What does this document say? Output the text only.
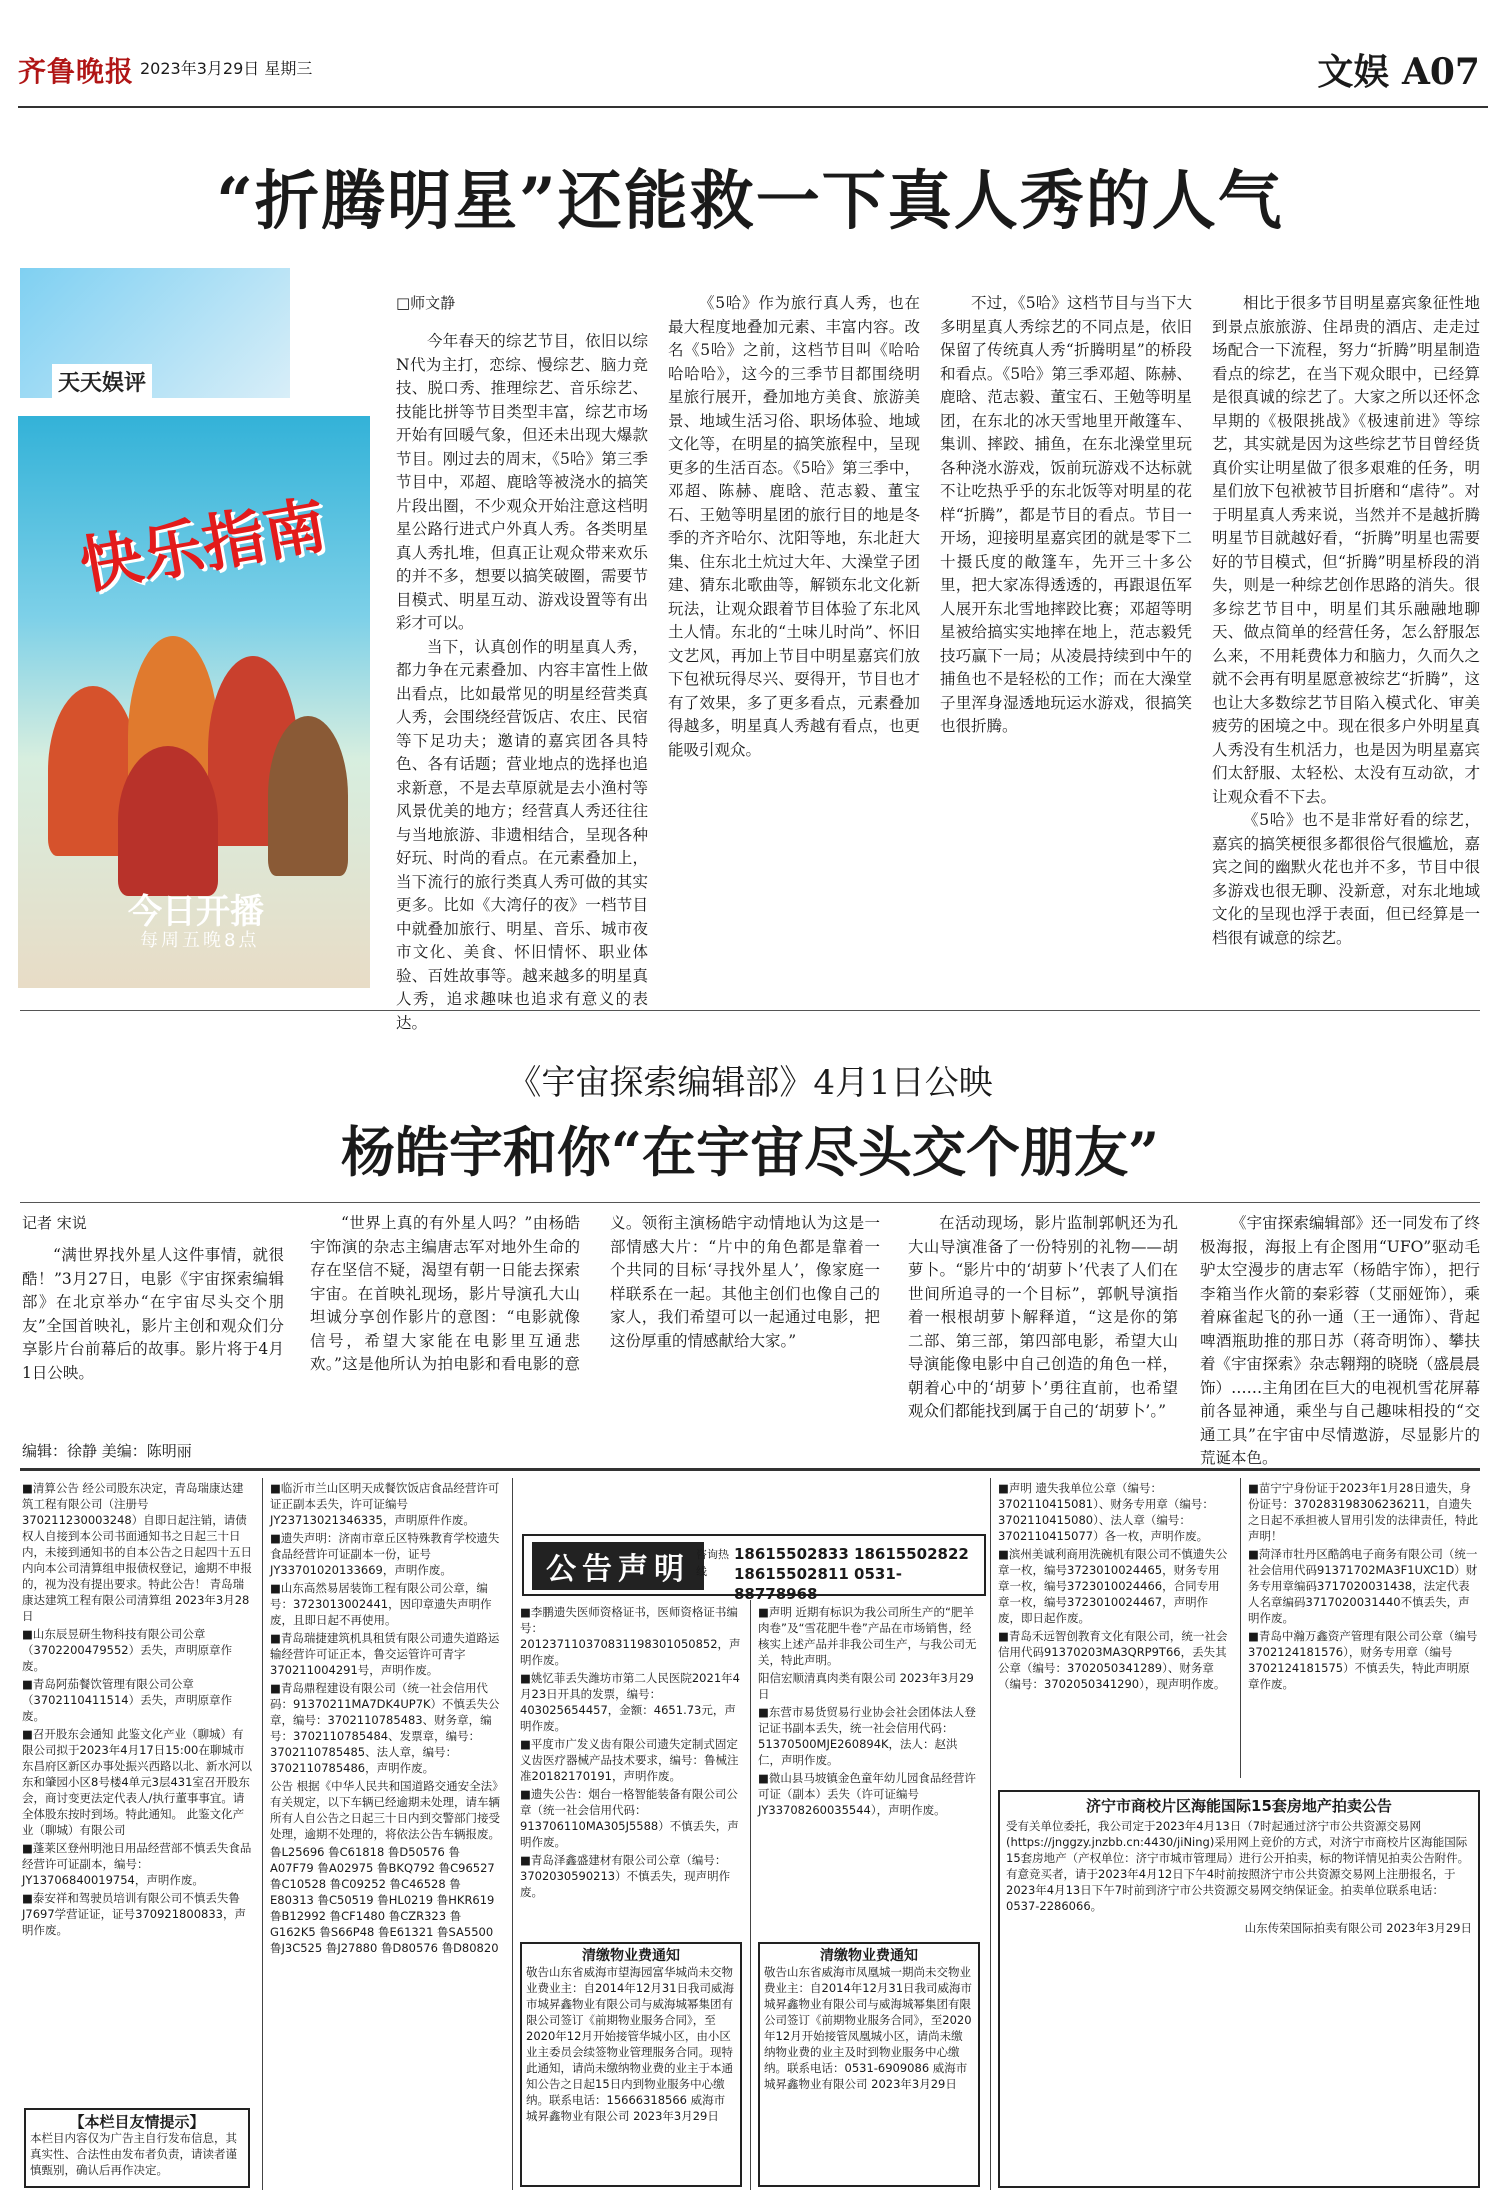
齐鲁晚报 2023年3月29日 星期三	文娱 A07
“折腾明星”还能救一下真人秀的人气
天天娱评
快乐指南
今日开播
每周五晚8点
□师文静

今年春天的综艺节目，依旧以综N代为主打，恋综、慢综艺、脑力竞技、脱口秀、推理综艺、音乐综艺、技能比拼等节目类型丰富，综艺市场开始有回暖气象，但还未出现大爆款节目。刚过去的周末，《5哈》第三季节目中，邓超、鹿晗等被浇水的搞笑片段出圈，不少观众开始注意这档明星公路行进式户外真人秀。各类明星真人秀扎堆，但真正让观众带来欢乐的并不多，想要以搞笑破圈，需要节目模式、明星互动、游戏设置等有出彩才可以。

当下，认真创作的明星真人秀，都力争在元素叠加、内容丰富性上做出看点，比如最常见的明星经营类真人秀，会围绕经营饭店、农庄、民宿等下足功夫；邀请的嘉宾团各具特色、各有话题；营业地点的选择也追求新意，不是去草原就是去小渔村等风景优美的地方；经营真人秀还往往与当地旅游、非遗相结合，呈现各种好玩、时尚的看点。在元素叠加上，当下流行的旅行类真人秀可做的其实更多。比如《大湾仔的夜》一档节目中就叠加旅行、明星、音乐、城市夜市文化、美食、怀旧情怀、职业体验、百姓故事等。越来越多的明星真人秀，追求趣味也追求有意义的表达。

《5哈》作为旅行真人秀，也在最大程度地叠加元素、丰富内容。改名《5哈》之前，这档节目叫《哈哈哈哈哈》，这今的三季节目都围绕明星旅行展开，叠加地方美食、旅游美景、地域生活习俗、职场体验、地域文化等，在明星的搞笑旅程中，呈现更多的生活百态。《5哈》第三季中，邓超、陈赫、鹿晗、范志毅、董宝石、王勉等明星团的旅行目的地是冬季的齐齐哈尔、沈阳等地，东北赶大集、住东北土炕过大年、大澡堂子团建、猜东北歌曲等，解锁东北文化新玩法，让观众跟着节目体验了东北风土人情。东北的“土味儿时尚”、怀旧文艺风，再加上节目中明星嘉宾们放下包袱玩得尽兴、耍得开，节目也才有了效果，多了更多看点，元素叠加得越多，明星真人秀越有看点，也更能吸引观众。

不过，《5哈》这档节目与当下大多明星真人秀综艺的不同点是，依旧保留了传统真人秀“折腾明星”的桥段和看点。《5哈》第三季邓超、陈赫、鹿晗、范志毅、董宝石、王勉等明星团，在东北的冰天雪地里开敞篷车、集训、摔跤、捕鱼，在东北澡堂里玩各种浇水游戏，饭前玩游戏不达标就不让吃热乎乎的东北饭等对明星的花样“折腾”，都是节目的看点。节目一开场，迎接明星嘉宾团的就是零下二十摄氏度的敞篷车，先开三十多公里，把大家冻得透透的，再跟退伍军人展开东北雪地摔跤比赛；邓超等明星被给搞实实地摔在地上，范志毅凭技巧赢下一局；从凌晨持续到中午的捕鱼也不是轻松的工作；而在大澡堂子里浑身湿透地玩运水游戏，很搞笑也很折腾。

相比于很多节目明星嘉宾象征性地到景点旅旅游、住昂贵的酒店、走走过场配合一下流程，努力“折腾”明星制造看点的综艺，在当下观众眼中，已经算是很真诚的综艺了。大家之所以还怀念早期的《极限挑战》《极速前进》等综艺，其实就是因为这些综艺节目曾经货真价实让明星做了很多艰难的任务，明星们放下包袱被节目折磨和“虐待”。对于明星真人秀来说，当然并不是越折腾明星节目就越好看，“折腾”明星也需要好的节目模式，但“折腾”明星桥段的消失，则是一种综艺创作思路的消失。很多综艺节目中，明星们其乐融融地聊天、做点简单的经营任务，怎么舒服怎么来，不用耗费体力和脑力，久而久之就不会再有明星愿意被综艺“折腾”，这也让大多数综艺节目陷入模式化、审美疲劳的困境之中。现在很多户外明星真人秀没有生机活力，也是因为明星嘉宾们太舒服、太轻松、太没有互动欲，才让观众看不下去。

《5哈》也不是非常好看的综艺，嘉宾的搞笑梗很多都很俗气很尴尬，嘉宾之间的幽默火花也并不多，节目中很多游戏也很无聊、没新意，对东北地域文化的呈现也浮于表面，但已经算是一档很有诚意的综艺。

《宇宙探索编辑部》4月1日公映
杨皓宇和你“在宇宙尽头交个朋友”
记者 宋说

“满世界找外星人这件事情，就很酷！”3月27日，电影《宇宙探索编辑部》在北京举办“在宇宙尽头交个朋友”全国首映礼，影片主创和观众们分享影片台前幕后的故事。影片将于4月1日公映。

“世界上真的有外星人吗？”由杨皓宇饰演的杂志主编唐志军对地外生命的存在坚信不疑，渴望有朝一日能去探索宇宙。在首映礼现场，影片导演孔大山坦诚分享创作影片的意图：“电影就像信号，希望大家能在电影里互通悲欢。”这是他所认为拍电影和看电影的意义。领衔主演杨皓宇动情地认为这是一部情感大片：“片中的角色都是靠着一个共同的目标‘寻找外星人’，像家庭一样联系在一起。其他主创们也像自己的家人，我们希望可以一起通过电影，把这份厚重的情感献给大家。”

在活动现场，影片监制郭帆还为孔大山导演准备了一份特别的礼物——胡萝卜。“影片中的‘胡萝卜’代表了人们在世间所追寻的一个目标”，郭帆导演指着一根根胡萝卜解释道，“这是你的第二部、第三部，第四部电影，希望大山导演能像电影中自己创造的角色一样，朝着心中的‘胡萝卜’勇往直前，也希望观众们都能找到属于自己的‘胡萝卜’。”

《宇宙探索编辑部》还一同发布了终极海报，海报上有企图用“UFO”驱动毛驴太空漫步的唐志军（杨皓宇饰），把行李箱当作火箭的秦彩蓉（艾丽娅饰），乘着麻雀起飞的孙一通（王一通饰）、背起啤酒瓶助推的那日苏（蒋奇明饰）、攀扶着《宇宙探索》杂志翱翔的晓晓（盛晨晨饰）……主角团在巨大的电视机雪花屏幕前各显神通，乘坐与自己趣味相投的“交通工具”在宇宙中尽情遨游，尽显影片的荒诞本色。

编辑：徐静 美编：陈明丽

■清算公告 经公司股东决定，青岛瑞康达建筑工程有限公司（注册号370211230003248）自即日起注销，请债权人自接到本公司书面通知书之日起三十日内，未接到通知书的自本公告之日起四十五日内向本公司清算组申报债权登记，逾期不申报的，视为没有提出要求。特此公告！ 青岛瑞康达建筑工程有限公司清算组 2023年3月28日

■山东辰昱研生物科技有限公司公章（3702200479552）丢失，声明原章作废。

■青岛阿茄餐饮管理有限公司公章（3702110411514）丢失，声明原章作废。

■召开股东会通知 此鉴文化产业（聊城）有限公司拟于2023年4月17日15:00在聊城市东昌府区新区办事处振兴西路以北、新水河以东和肇园小区8号楼4单元3层431室召开股东会，商讨变更法定代表人/执行董事事宜。请全体股东按时到场。特此通知。 此鉴文化产业（聊城）有限公司

■蓬莱区登州明池日用品经营部不慎丢失食品经营许可证副本，编号：JY13706840019754，声明作废。

■泰安祥和驾驶员培训有限公司不慎丢失鲁J7697学营证证，证号370921800833，声明作废。

【本栏目友情提示】
本栏目内容仅为广告主自行发布信息，其真实性、合法性由发布者负责，请读者谨慎甄别，确认后再作决定。

■临沂市兰山区明天成餐饮饭店食品经营许可证正副本丢失，许可证编号JY23713021346335，声明原件作废。

■遗失声明：济南市章丘区特殊教育学校遗失食品经营许可证副本一份，证号JY33701020133669，声明作废。

■山东高然易居装饰工程有限公司公章，编号：3723013002441，因印章遗失声明作废，且即日起不再使用。

■青岛瑞捷建筑机具租赁有限公司遗失道路运输经营许可证正本，鲁交运管许可青字370211004291号，声明作废。

■青岛鼎程建设有限公司（统一社会信用代码：91370211MA7DK4UP7K）不慎丢失公章，编号：3702110785483、财务章，编号：3702110785484、发票章，编号：3702110785485、法人章，编号：3702110785486，声明作废。

公告 根据《中华人民共和国道路交通安全法》有关规定，以下车辆已经逾期未处理，请车辆所有人自公告之日起三十日内到交警部门接受处理，逾期不处理的，将依法公告车辆报废。

鲁L25696 鲁C61818 鲁D50576 鲁A07F79 鲁A02975 鲁BKQ792 鲁C96527 鲁C10528 鲁C09252 鲁C46528 鲁E80313 鲁C50519 鲁HL0219 鲁HKR619 鲁B12992 鲁CF1480 鲁CZR323 鲁G162K5 鲁S66P48 鲁E61321 鲁SA5500 鲁J3C525 鲁J27880 鲁D80576 鲁D80820

公告声明 咨询热线
18615502833 18615502822
18615502811 0531-88778968

■李鹏遗失医师资格证书，医师资格证书编号：201237110370831198301050852，声明作废。

■姚忆菲丢失潍坊市第二人民医院2021年4月23日开具的发票，编号：403025654457，金额：4651.73元，声明作废。

■平度市广发义齿有限公司遗失定制式固定义齿医疗器械产品技术要求，编号：鲁械注准20182170191，声明作废。

■遗失公告：烟台一格智能装备有限公司公章（统一社会信用代码：913706110MA305J5588）不慎丢失，声明作废。

■青岛泽鑫盛建材有限公司公章（编号：3702030590213）不慎丢失，现声明作废。

清缴物业费通知
敬告山东省威海市望海园富华城尚未交物业费业主：自2014年12月31日我司威海市城昇鑫物业有限公司与威海城幂集团有限公司签订《前期物业服务合同》，至2020年12月开始接管华城小区，由小区业主委员会续签物业管理服务合同。现特此通知，请尚未缴纳物业费的业主于本通知公告之日起15日内到物业服务中心缴纳。联系电话：15666318566 威海市城昇鑫物业有限公司 2023年3月29日

■声明 近期有标识为我公司所生产的“肥羊肉卷”及“雪花肥牛卷”产品在市场销售，经核实上述产品并非我公司生产，与我公司无关，特此声明。

阳信宏顺清真肉类有限公司 2023年3月29日

■东营市易货贸易行业协会社会团体法人登记证书副本丢失，统一社会信用代码：51370500MJE260894K，法人：赵洪仁，声明作废。

■微山县马坡镇金色童年幼儿园食品经营许可证（副本）丢失（许可证编号JY33708260035544），声明作废。

清缴物业费通知
敬告山东省威海市凤凰城一期尚未交物业费业主：自2014年12月31日我司威海市城昇鑫物业有限公司与威海城幂集团有限公司签订《前期物业服务合同》，至2020年12月开始接管凤凰城小区，请尚未缴纳物业费的业主及时到物业服务中心缴纳。联系电话：0531-6909086 威海市城昇鑫物业有限公司 2023年3月29日

■声明 遗失我单位公章（编号：3702110415081）、财务专用章（编号：3702110415080）、法人章（编号：3702110415077）各一枚，声明作废。

■滨州美诚利商用洗碗机有限公司不慎遗失公章一枚，编号3723010024465，财务专用章一枚，编号3723010024466，合同专用章一枚，编号3723010024467，声明作废，即日起作废。

■青岛禾远智创教育文化有限公司，统一社会信用代码91370203MA3QRP9T66，丢失其公章（编号：3702050341289）、财务章（编号：3702050341290），现声明作废。

■苗宁宁身份证于2023年1月28日遗失，身份证号：370283198306236211，自遗失之日起不承担被人冒用引发的法律责任，特此声明！

■菏泽市牡丹区酷鸽电子商务有限公司（统一社会信用代码91371702MA3F1UXC1D）财务专用章编码3717020031438，法定代表人名章编码3717020031440不慎丢失，声明作废。

■青岛中瀚万鑫资产管理有限公司公章（编号3702124181576），财务专用章（编号3702124181575）不慎丢失，特此声明原章作废。

济宁市商校片区海能国际15套房地产拍卖公告
受有关单位委托，我公司定于2023年4月13日（7时起通过济宁市公共资源交易网(https://jnggzy.jnzbb.cn:4430/jiNing)采用网上竞价的方式，对济宁市商校片区海能国际15套房地产（产权单位：济宁市城市管理局）进行公开拍卖，标的物详情见拍卖公告附件。有意竞买者，请于2023年4月12日下午4时前按照济宁市公共资源交易网上注册报名，于2023年4月13日下午7时前到济宁市公共资源交易网交纳保证金。拍卖单位联系电话：0537-2286066。
山东传荣国际拍卖有限公司 2023年3月29日
